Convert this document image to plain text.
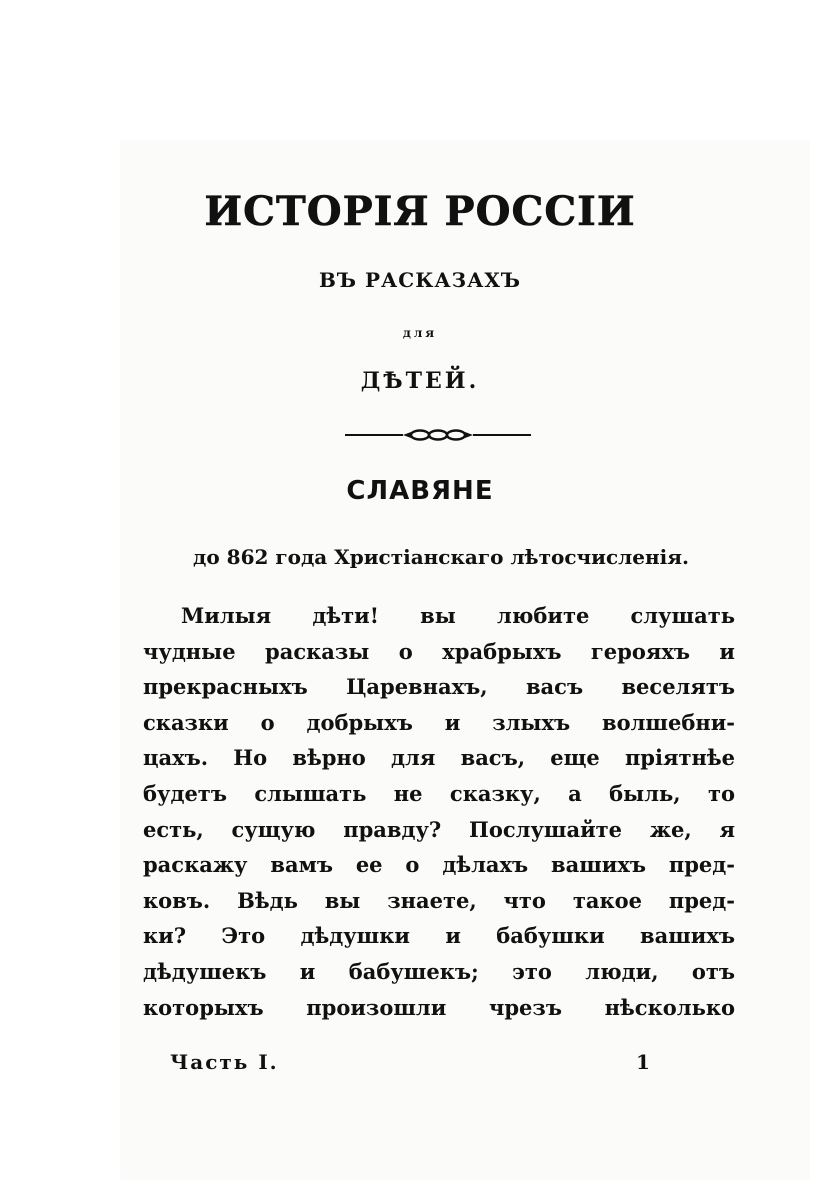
ИСТОРІЯ РОССІИ
ВЪ РАСКАЗАХЪ
для
ДѢТЕЙ.
СЛАВЯНЕ
до 862 года Христіанскаго лѣтосчисленія.
Милыя дѣти! вы любите слушать
чудные расказы о храбрыхъ герояхъ и
прекрасныхъ Царевнахъ, васъ веселятъ
сказки о добрыхъ и злыхъ волшебни-
цахъ. Но вѣрно для васъ, еще пріятнѣе
будетъ слышать не сказку, а быль, то
есть, сущую правду? Послушайте же, я
раскажу вамъ ее о дѣлахъ вашихъ пред-
ковъ. Вѣдь вы знаете, что такое пред-
ки? Это дѣдушки и бабушки вашихъ
дѣдушекъ и бабушекъ; это люди, отъ
которыхъ произошли чрезъ нѣсколько
Часть I.	1
